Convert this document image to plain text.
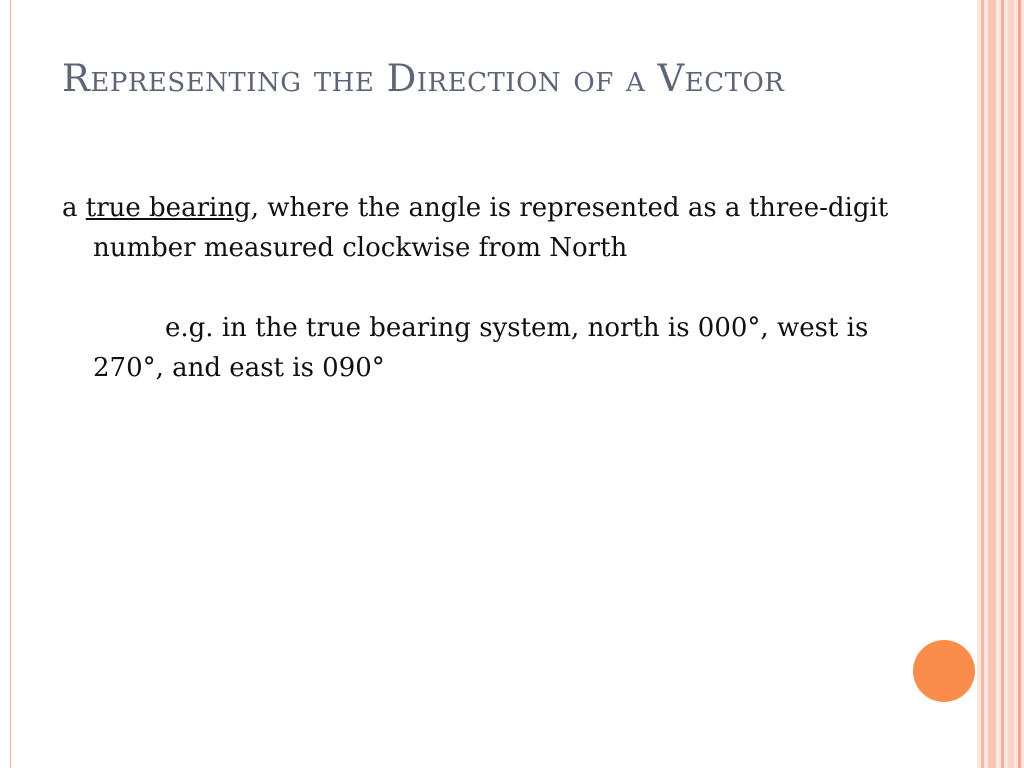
Representing the Direction of a Vector

a true bearing, where the angle is represented as a three-digit number measured clockwise from North

e.g. in the true bearing system, north is 000°, west is 270°, and east is 090°
